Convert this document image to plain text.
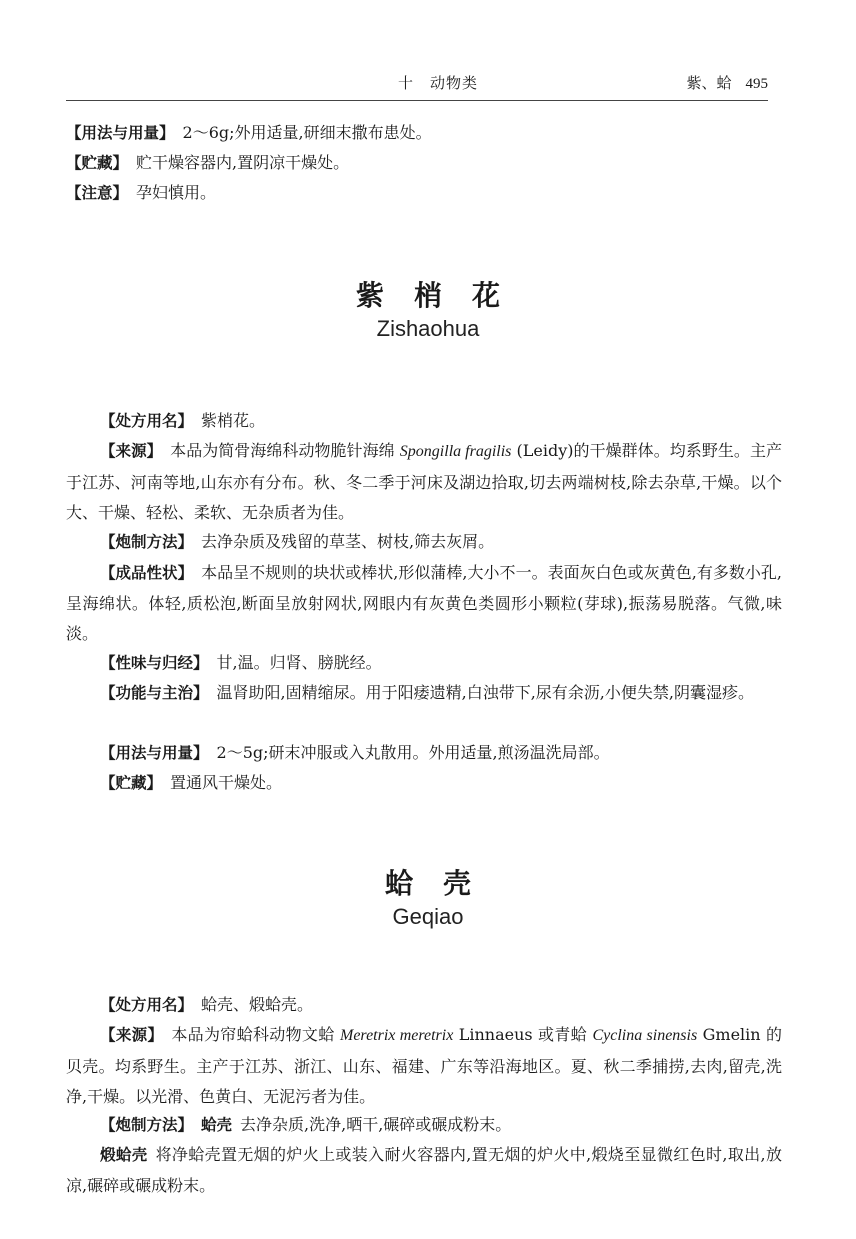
十　动物类	紫、蛤 495

【用法与用量】 2～6g;外用适量,研细末撒布患处。

【贮藏】 贮干燥容器内,置阴凉干燥处。

【注意】 孕妇慎用。

紫梢花
Zishaohua

【处方用名】 紫梢花。

【来源】 本品为简骨海绵科动物脆针海绵 Spongilla fragilis (Leidy)的干燥群体。均系野生。主产于江苏、河南等地,山东亦有分布。秋、冬二季于河床及湖边拾取,切去两端树枝,除去杂草,干燥。以个大、干燥、轻松、柔软、无杂质者为佳。

【炮制方法】 去净杂质及残留的草茎、树枝,筛去灰屑。

【成品性状】 本品呈不规则的块状或棒状,形似蒲棒,大小不一。表面灰白色或灰黄色,有多数小孔,呈海绵状。体轻,质松泡,断面呈放射网状,网眼内有灰黄色类圆形小颗粒(芽球),振荡易脱落。气微,味淡。

【性味与归经】 甘,温。归肾、膀胱经。

【功能与主治】 温肾助阳,固精缩尿。用于阳痿遗精,白浊带下,尿有余沥,小便失禁,阴囊湿疹。

【用法与用量】 2～5g;研末冲服或入丸散用。外用适量,煎汤温洗局部。

【贮藏】 置通风干燥处。

蛤壳
Geqiao

【处方用名】 蛤壳、煅蛤壳。

【来源】 本品为帘蛤科动物文蛤 Meretrix meretrix Linnaeus 或青蛤 Cyclina sinensis Gmelin 的贝壳。均系野生。主产于江苏、浙江、山东、福建、广东等沿海地区。夏、秋二季捕捞,去肉,留壳,洗净,干燥。以光滑、色黄白、无泥污者为佳。

【炮制方法】 蛤壳 去净杂质,洗净,晒干,碾碎或碾成粉末。

煅蛤壳 将净蛤壳置无烟的炉火上或装入耐火容器内,置无烟的炉火中,煅烧至显微红色时,取出,放凉,碾碎或碾成粉末。
